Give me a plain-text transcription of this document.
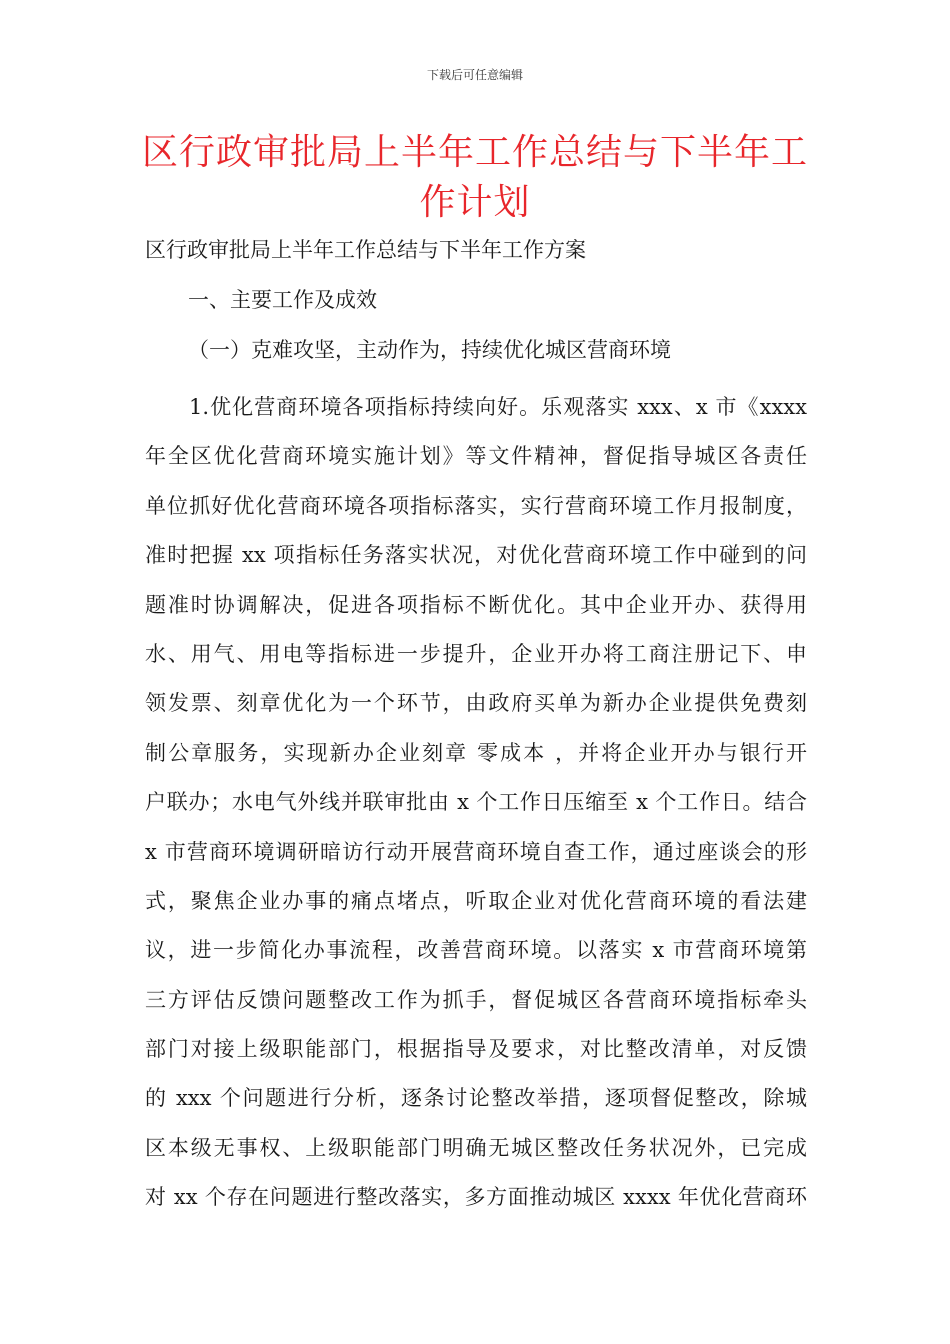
下载后可任意编辑
区行政审批局上半年工作总结与下半年工作计划
区行政审批局上半年工作总结与下半年工作方案
一、主要工作及成效
（一）克难攻坚，主动作为，持续优化城区营商环境
1.优化营商环境各项指标持续向好。乐观落实 xxx、x 市《xxxx
年全区优化营商环境实施计划》等文件精神，督促指导城区各责任
单位抓好优化营商环境各项指标落实，实行营商环境工作月报制度，
准时把握 xx 项指标任务落实状况，对优化营商环境工作中碰到的问
题准时协调解决，促进各项指标不断优化。其中企业开办、获得用
水、用气、用电等指标进一步提升，企业开办将工商注册记下、申
领发票、刻章优化为一个环节，由政府买单为新办企业提供免费刻
制公章服务，实现新办企业刻章 零成本 ，并将企业开办与银行开
户联办；水电气外线并联审批由 x 个工作日压缩至 x 个工作日。结合
x 市营商环境调研暗访行动开展营商环境自查工作，通过座谈会的形
式，聚焦企业办事的痛点堵点，听取企业对优化营商环境的看法建
议，进一步简化办事流程，改善营商环境。以落实 x 市营商环境第
三方评估反馈问题整改工作为抓手，督促城区各营商环境指标牵头
部门对接上级职能部门，根据指导及要求，对比整改清单，对反馈
的 xxx 个问题进行分析，逐条讨论整改举措，逐项督促整改，除城
区本级无事权、上级职能部门明确无城区整改任务状况外，已完成
对 xx 个存在问题进行整改落实，多方面推动城区 xxxx 年优化营商环
